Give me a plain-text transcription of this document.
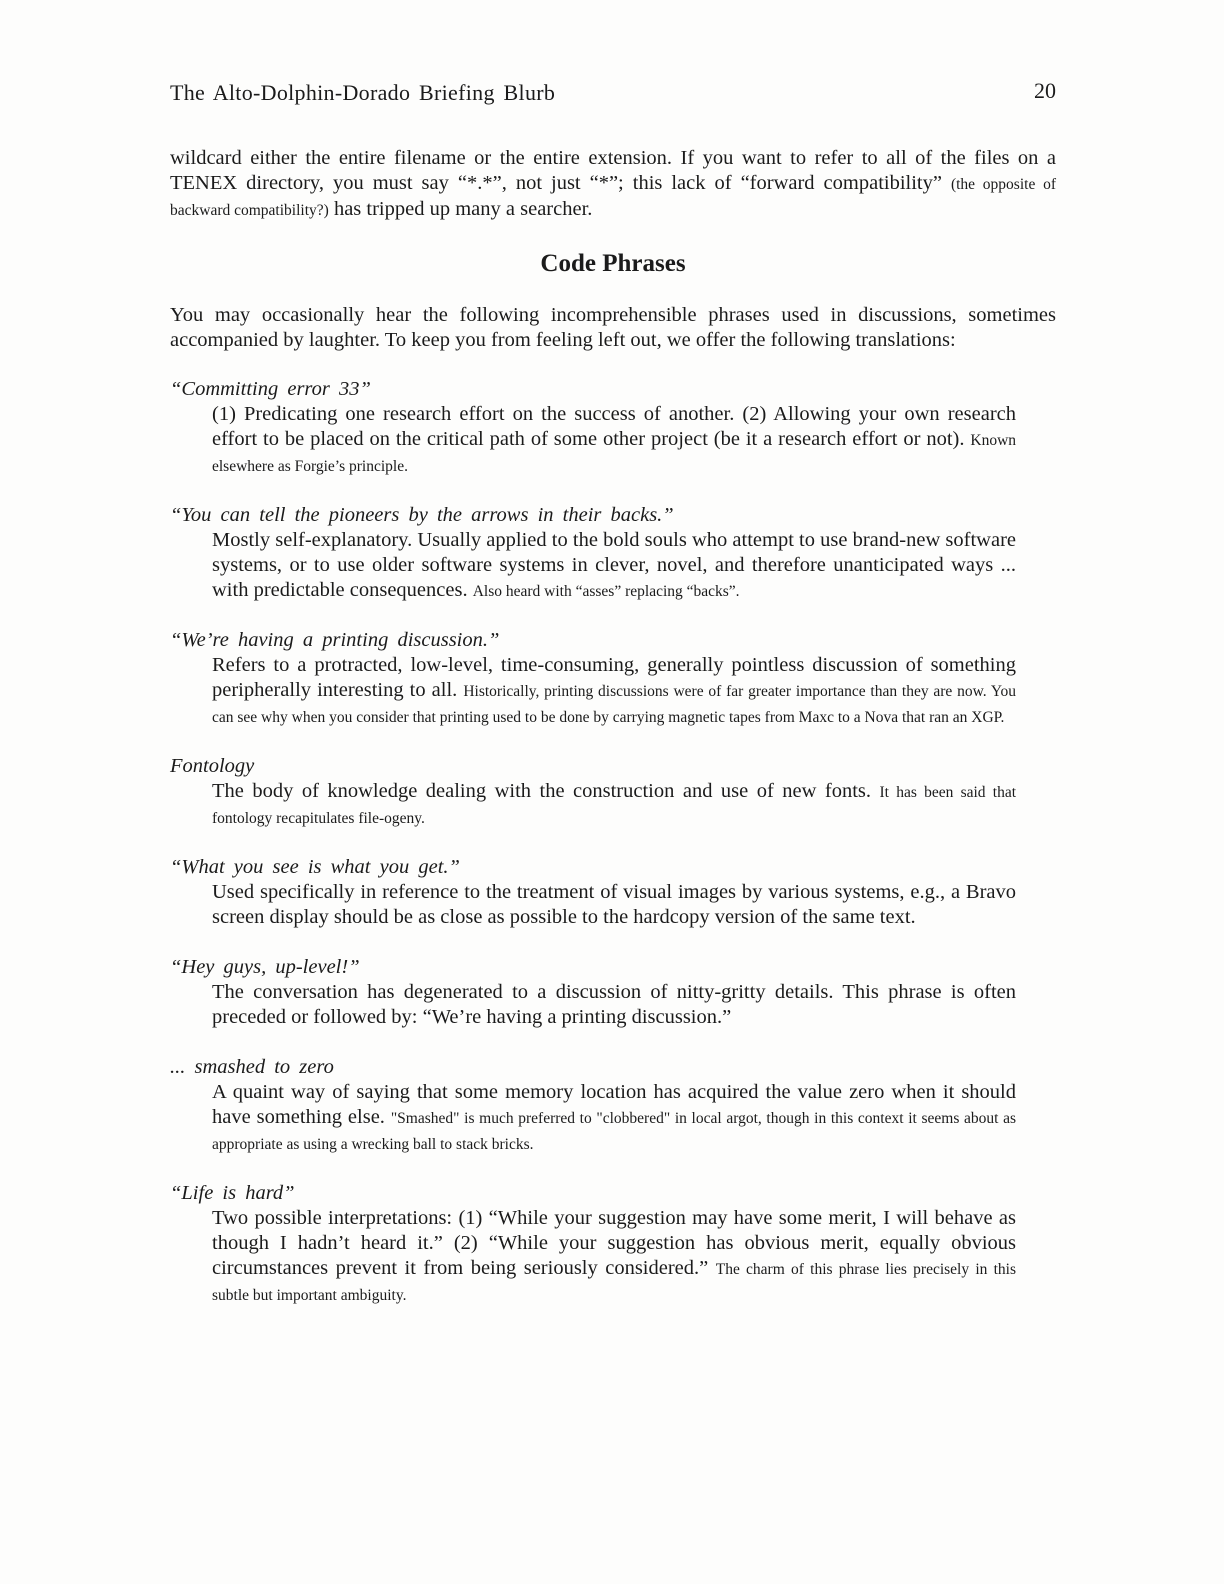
The Alto-Dolphin-Dorado Briefing Blurb	20

wildcard either the entire filename or the entire extension. If you want to refer to all of the files on a TENEX directory, you must say “*.*”, not just “*”; this lack of “forward compatibility” (the opposite of backward compatibility?) has tripped up many a searcher.

Code Phrases

You may occasionally hear the following incomprehensible phrases used in discussions, sometimes accompanied by laughter. To keep you from feeling left out, we offer the following translations:

“Committing error 33”

(1) Predicating one research effort on the success of another. (2) Allowing your own research effort to be placed on the critical path of some other project (be it a research effort or not). Known elsewhere as Forgie’s principle.

“You can tell the pioneers by the arrows in their backs.”

Mostly self-explanatory. Usually applied to the bold souls who attempt to use brand-new software systems, or to use older software systems in clever, novel, and therefore unanticipated ways ... with predictable consequences. Also heard with “asses” replacing “backs”.

“We’re having a printing discussion.”

Refers to a protracted, low-level, time-consuming, generally pointless discussion of something peripherally interesting to all. Historically, printing discussions were of far greater importance than they are now. You can see why when you consider that printing used to be done by carrying magnetic tapes from Maxc to a Nova that ran an XGP.

Fontology

The body of knowledge dealing with the construction and use of new fonts. It has been said that fontology recapitulates file-ogeny.

“What you see is what you get.”

Used specifically in reference to the treatment of visual images by various systems, e.g., a Bravo screen display should be as close as possible to the hardcopy version of the same text.

“Hey guys, up-level!”

The conversation has degenerated to a discussion of nitty-gritty details. This phrase is often preceded or followed by: “We’re having a printing discussion.”

... smashed to zero

A quaint way of saying that some memory location has acquired the value zero when it should have something else. "Smashed" is much preferred to "clobbered" in local argot, though in this context it seems about as appropriate as using a wrecking ball to stack bricks.

“Life is hard”

Two possible interpretations: (1) “While your suggestion may have some merit, I will behave as though I hadn’t heard it.” (2) “While your suggestion has obvious merit, equally obvious circumstances prevent it from being seriously considered.” The charm of this phrase lies precisely in this subtle but important ambiguity.
